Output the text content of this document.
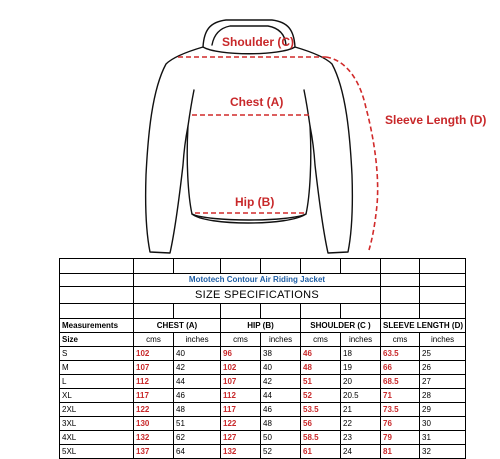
Shoulder (C)
Chest (A)
Sleeve Length (D)
Hip (B)

	Mototech Contour Air Riding Jacket							
	SIZE SPECIFICATIONS							

Measurements	CHEST (A)		HIP (B)		SHOULDER (C )		SLEEVE LENGTH (D)	
Size	cms	inches	cms	inches	cms	inches	cms	inches
S	102	40	96	38	46	18	63.5	25
M	107	42	102	40	48	19	66	26
L	112	44	107	42	51	20	68.5	27
XL	117	46	112	44	52	20.5	71	28
2XL	122	48	117	46	53.5	21	73.5	29
3XL	130	51	122	48	56	22	76	30
4XL	132	62	127	50	58.5	23	79	31
5XL	137	64	132	52	61	24	81	32
